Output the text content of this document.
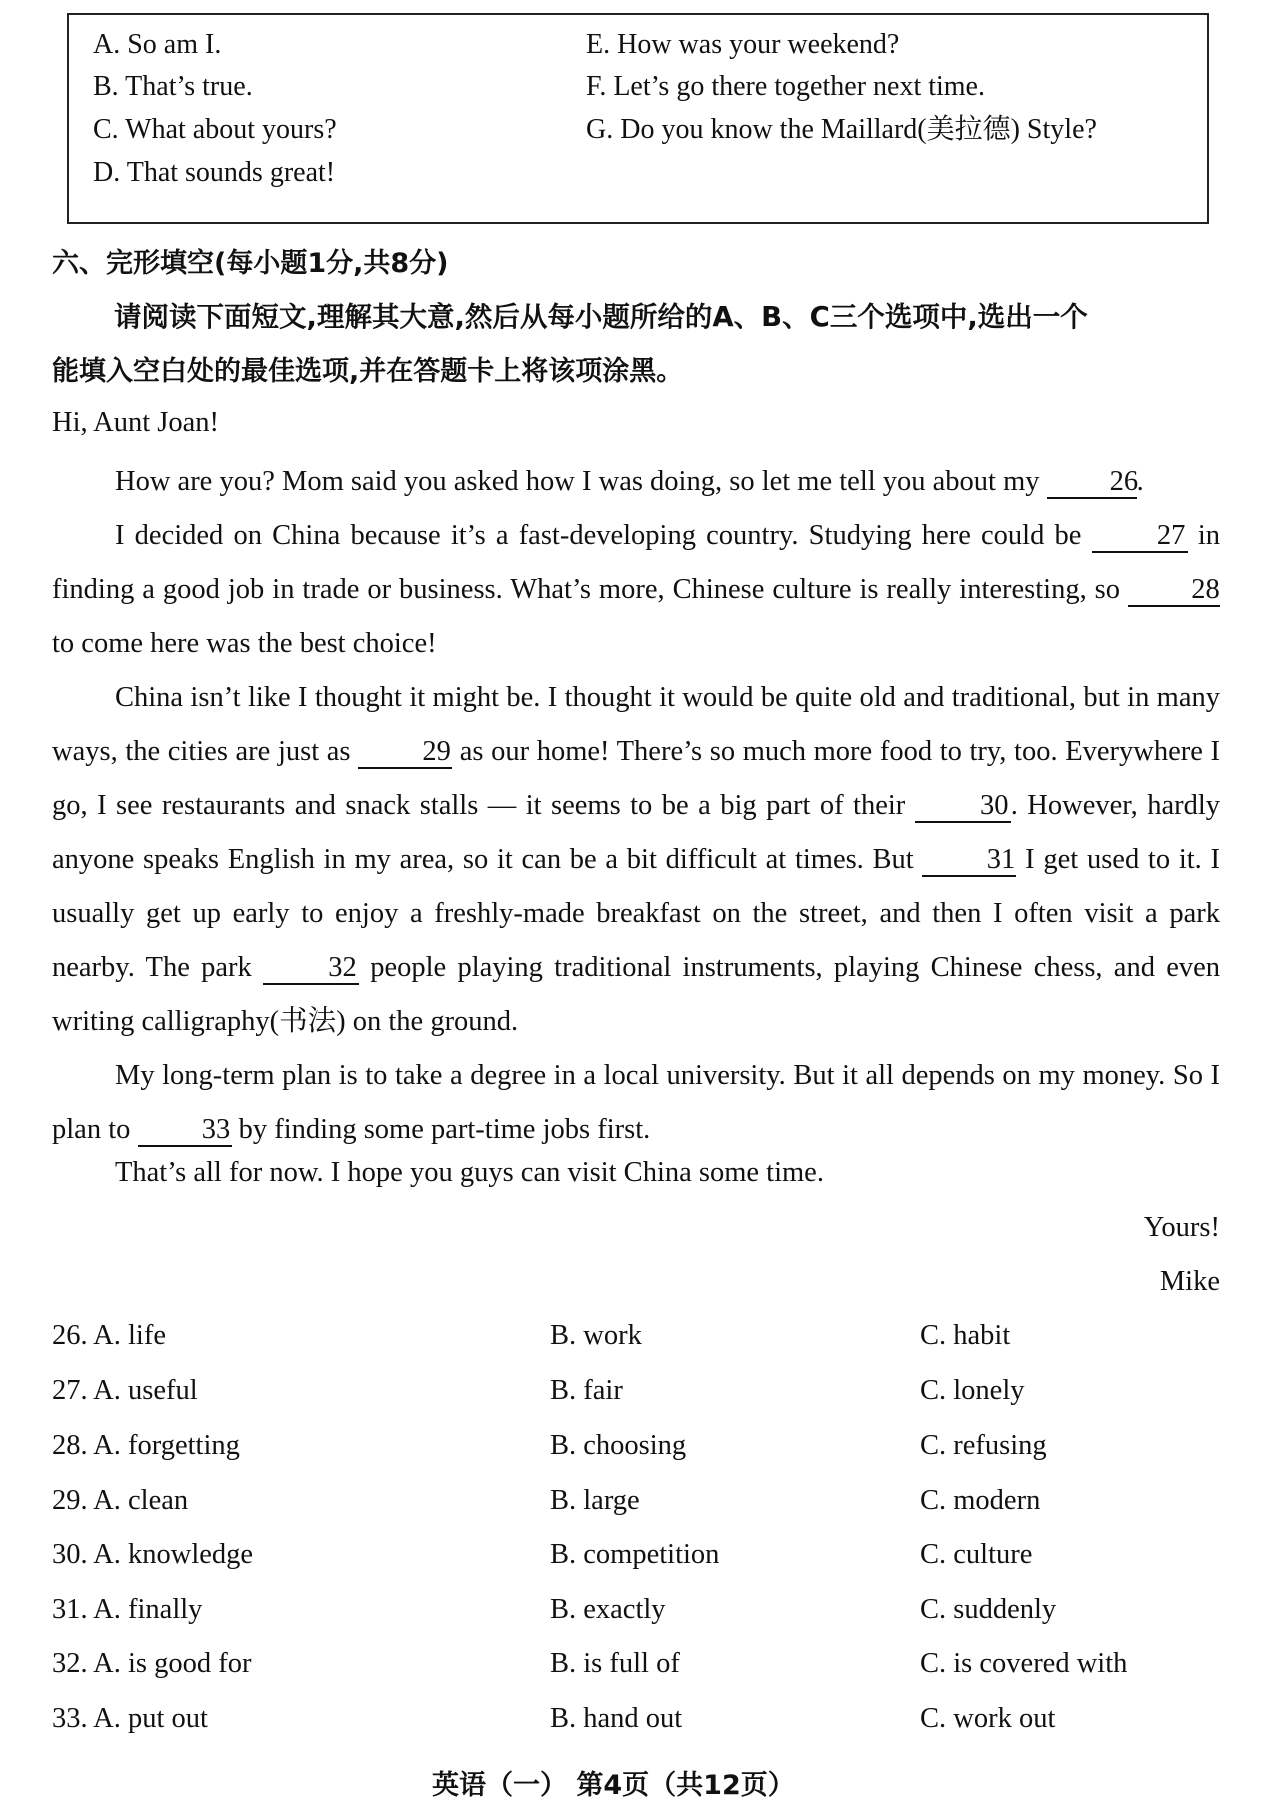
A. So am I.
B. That’s true.
C. What about yours?
D. That sounds great!
E. How was your weekend?
F. Let’s go there together next time.
G. Do you know the Maillard(美拉德) Style?
六、完形填空(每小题1分,共8分)
请阅读下面短文,理解其大意,然后从每小题所给的A、B、C三个选项中,选出一个
能填入空白处的最佳选项,并在答题卡上将该项涂黑。
Hi, Aunt Joan!
How are you? Mom said you asked how I was doing, so let me tell you about my 26.
I decided on China because it’s a fast-developing country. Studying here could be 27 in finding a good job in trade or business. What’s more, Chinese culture is really interesting, so 28 to come here was the best choice!
China isn’t like I thought it might be. I thought it would be quite old and traditional, but in many ways, the cities are just as 29 as our home! There’s so much more food to try, too. Everywhere I go, I see restaurants and snack stalls — it seems to be a big part of their 30. However, hardly anyone speaks English in my area, so it can be a bit difficult at times. But 31 I get used to it. I usually get up early to enjoy a freshly-made breakfast on the street, and then I often visit a park nearby. The park 32 people playing traditional instruments, playing Chinese chess, and even writing calligraphy(书法) on the ground.
My long-term plan is to take a degree in a local university. But it all depends on my money. So I plan to 33 by finding some part-time jobs first.
That’s all for now. I hope you guys can visit China some time.
Yours!
Mike
26. A. life	B. work	C. habit
27. A. useful	B. fair	C. lonely
28. A. forgetting	B. choosing	C. refusing
29. A. clean	B. large	C. modern
30. A. knowledge	B. competition	C. culture
31. A. finally	B. exactly	C. suddenly
32. A. is good for	B. is full of	C. is covered with
33. A. put out	B. hand out	C. work out
英语（一） 第4页（共12页）
